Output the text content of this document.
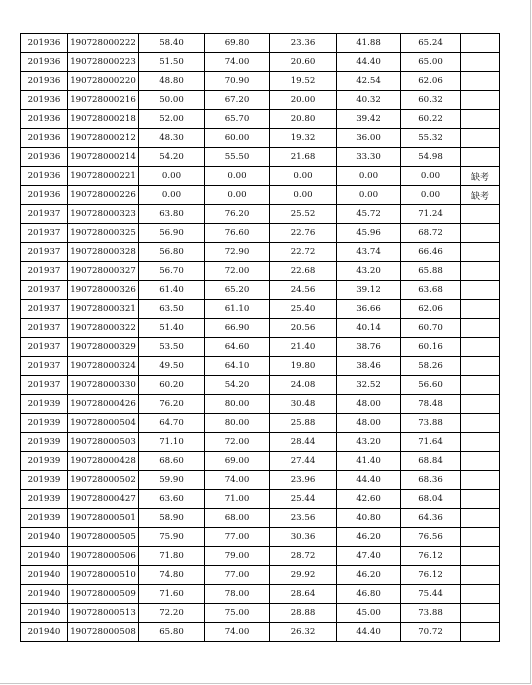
201936	190728000222	58.40	69.80	23.36	41.88	65.24	
201936	190728000223	51.50	74.00	20.60	44.40	65.00	
201936	190728000220	48.80	70.90	19.52	42.54	62.06	
201936	190728000216	50.00	67.20	20.00	40.32	60.32	
201936	190728000218	52.00	65.70	20.80	39.42	60.22	
201936	190728000212	48.30	60.00	19.32	36.00	55.32	
201936	190728000214	54.20	55.50	21.68	33.30	54.98	
201936	190728000221	0.00	0.00	0.00	0.00	0.00	缺考
201936	190728000226	0.00	0.00	0.00	0.00	0.00	缺考
201937	190728000323	63.80	76.20	25.52	45.72	71.24	
201937	190728000325	56.90	76.60	22.76	45.96	68.72	
201937	190728000328	56.80	72.90	22.72	43.74	66.46	
201937	190728000327	56.70	72.00	22.68	43.20	65.88	
201937	190728000326	61.40	65.20	24.56	39.12	63.68	
201937	190728000321	63.50	61.10	25.40	36.66	62.06	
201937	190728000322	51.40	66.90	20.56	40.14	60.70	
201937	190728000329	53.50	64.60	21.40	38.76	60.16	
201937	190728000324	49.50	64.10	19.80	38.46	58.26	
201937	190728000330	60.20	54.20	24.08	32.52	56.60	
201939	190728000426	76.20	80.00	30.48	48.00	78.48	
201939	190728000504	64.70	80.00	25.88	48.00	73.88	
201939	190728000503	71.10	72.00	28.44	43.20	71.64	
201939	190728000428	68.60	69.00	27.44	41.40	68.84	
201939	190728000502	59.90	74.00	23.96	44.40	68.36	
201939	190728000427	63.60	71.00	25.44	42.60	68.04	
201939	190728000501	58.90	68.00	23.56	40.80	64.36	
201940	190728000505	75.90	77.00	30.36	46.20	76.56	
201940	190728000506	71.80	79.00	28.72	47.40	76.12	
201940	190728000510	74.80	77.00	29.92	46.20	76.12	
201940	190728000509	71.60	78.00	28.64	46.80	75.44	
201940	190728000513	72.20	75.00	28.88	45.00	73.88	
201940	190728000508	65.80	74.00	26.32	44.40	70.72	
